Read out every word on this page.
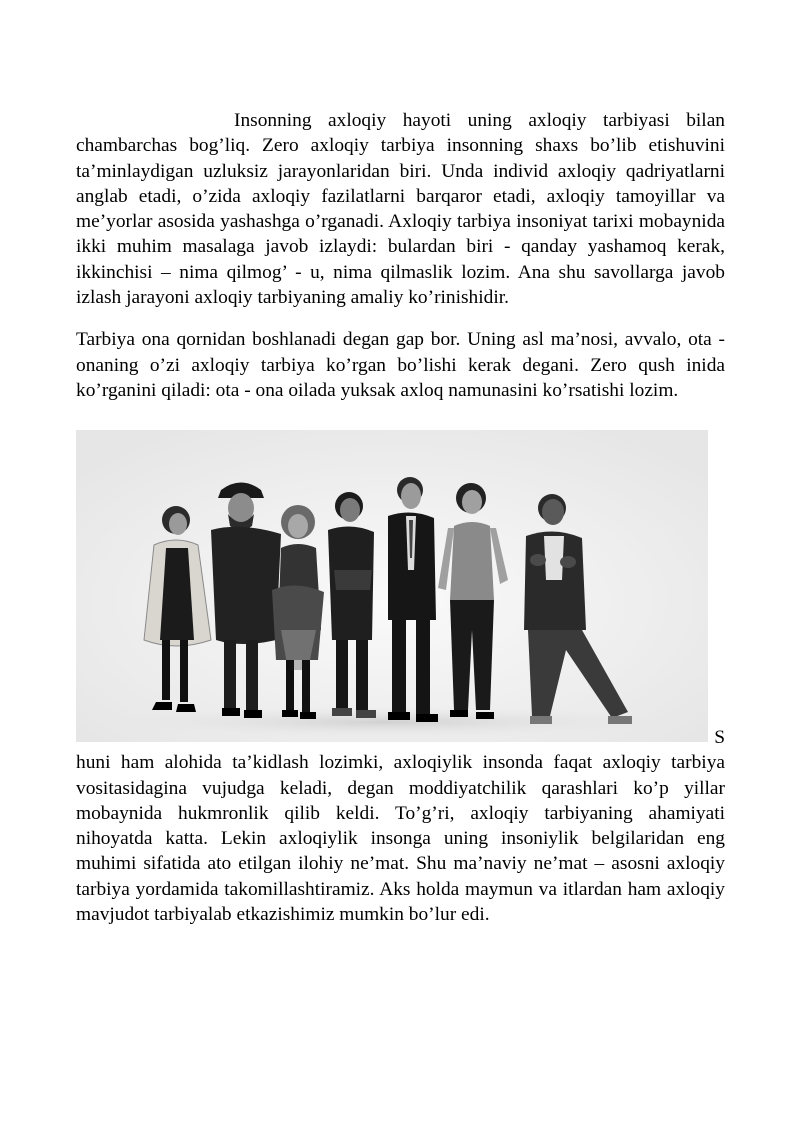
Insonning axloqiy hayoti uning axloqiy tarbiyasi bilan chambarchas bog’liq. Zero axloqiy tarbiya insonning shaxs bo’lib etishuvini ta’minlaydigan uzluksiz jarayonlaridan biri. Unda individ axloqiy qadriyatlarni anglab etadi, o’zida axloqiy fazilatlarni barqaror etadi, axloqiy tamoyillar va me’yorlar asosida yashashga o’rganadi. Axloqiy tarbiya insoniyat tarixi mobaynida ikki muhim masalaga javob izlaydi: bulardan biri - qanday yashamoq kerak, ikkinchisi – nima qilmog’ - u, nima qilmaslik lozim. Ana shu savollarga javob izlash jarayoni axloqiy tarbiyaning amaliy ko’rinishidir.

Tarbiya ona qornidan boshlanadi degan gap bor. Uning asl ma’nosi, avvalo, ota - onaning o’zi axloqiy tarbiya ko’rgan bo’lishi kerak degani. Zero qush inida ko’rganini qiladi: ota - ona oilada yuksak axloq namunasini ko’rsatishi lozim.

S

huni ham alohida ta’kidlash lozimki, axloqiylik insonda faqat axloqiy tarbiya vositasidagina vujudga keladi, degan moddiyatchilik qarashlari ko’p yillar mobaynida hukmronlik qilib keldi. To’g’ri, axloqiy tarbiyaning ahamiyati nihoyatda katta. Lekin axloqiylik insonga uning insoniylik belgilaridan eng muhimi sifatida ato etilgan ilohiy ne’mat. Shu ma’naviy ne’mat – asosni axloqiy tarbiya yordamida takomillashtiramiz. Aks holda maymun va itlardan ham axloqiy mavjudot tarbiyalab etkazishimiz mumkin bo’lur edi.
